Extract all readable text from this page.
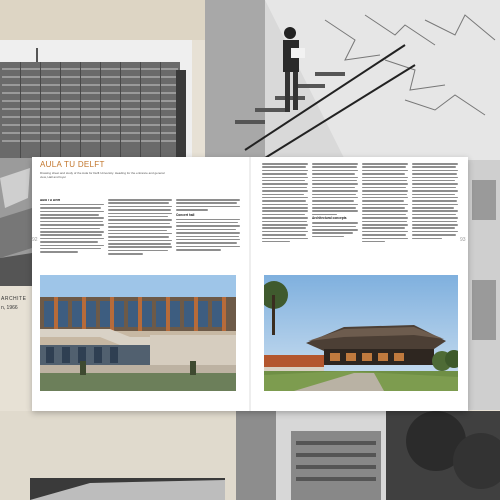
ARCHITE
n, 1966
AULA TU DELFT
Drawing sheet and study of the Aula for Delft University. Heading for the entrance and general view, Hall and foyer
Aula TU Delft
Concert hall
92
Architectural concepts
93
